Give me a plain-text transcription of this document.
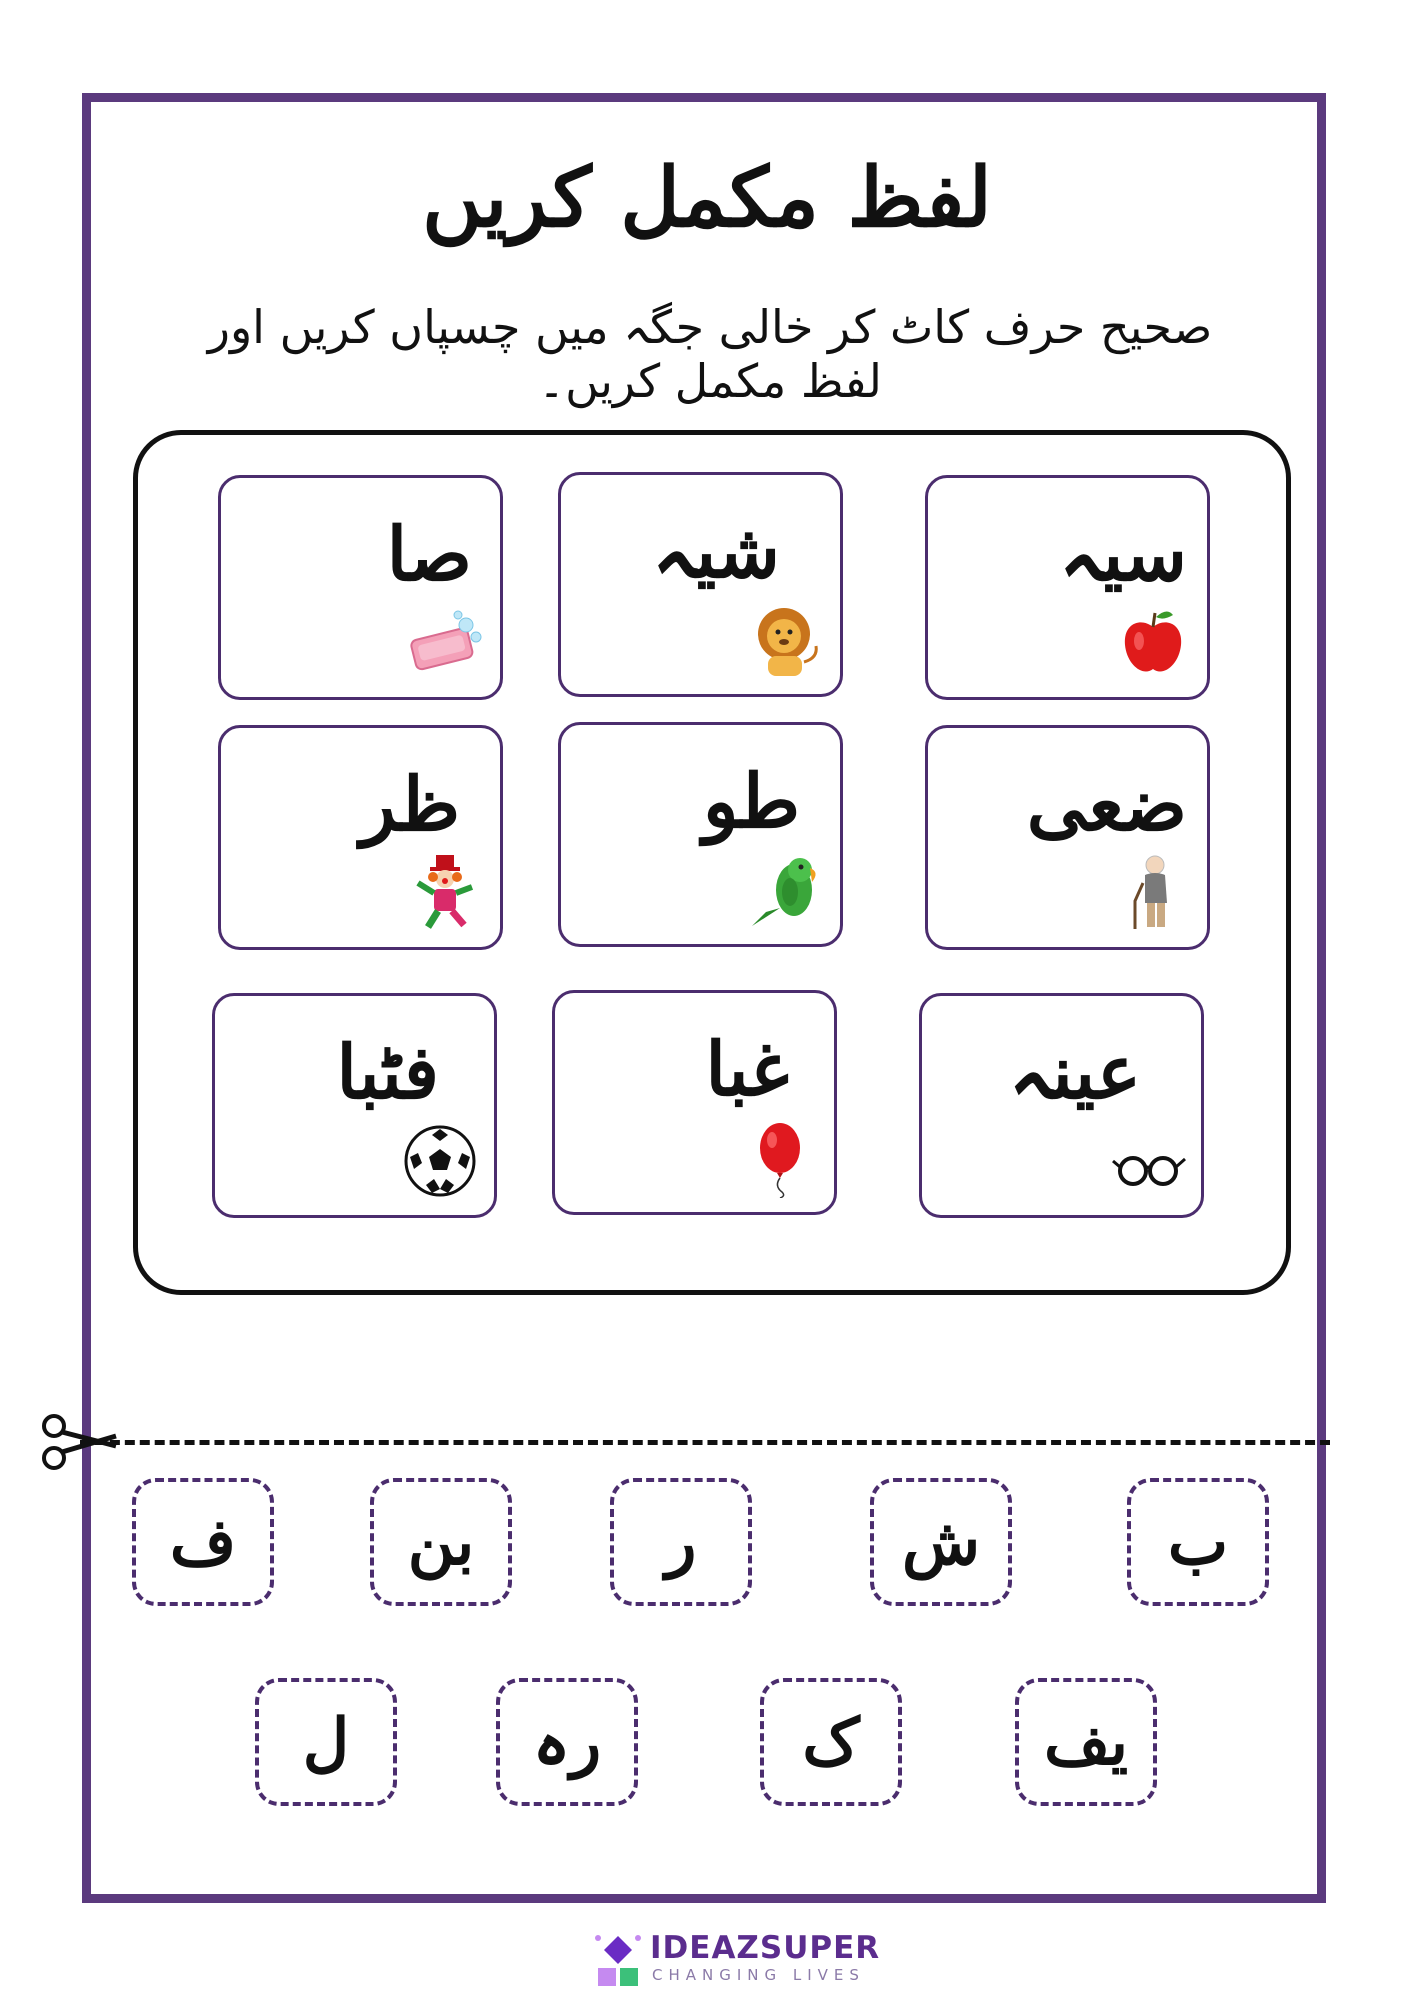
لفظ مکمل کریں
صحیح حرف کاٹ کر خالی جگہ میں چسپاں کریں اور لفظ مکمل کریں۔
صا شیہ	سیہ
ظر	طو	ضعی
فٹبا	غبا	عینہ
ف	بن	ر	ش	ب
ل	رہ	ک	یف
IDEAZSUPER
CHANGING LIVES
